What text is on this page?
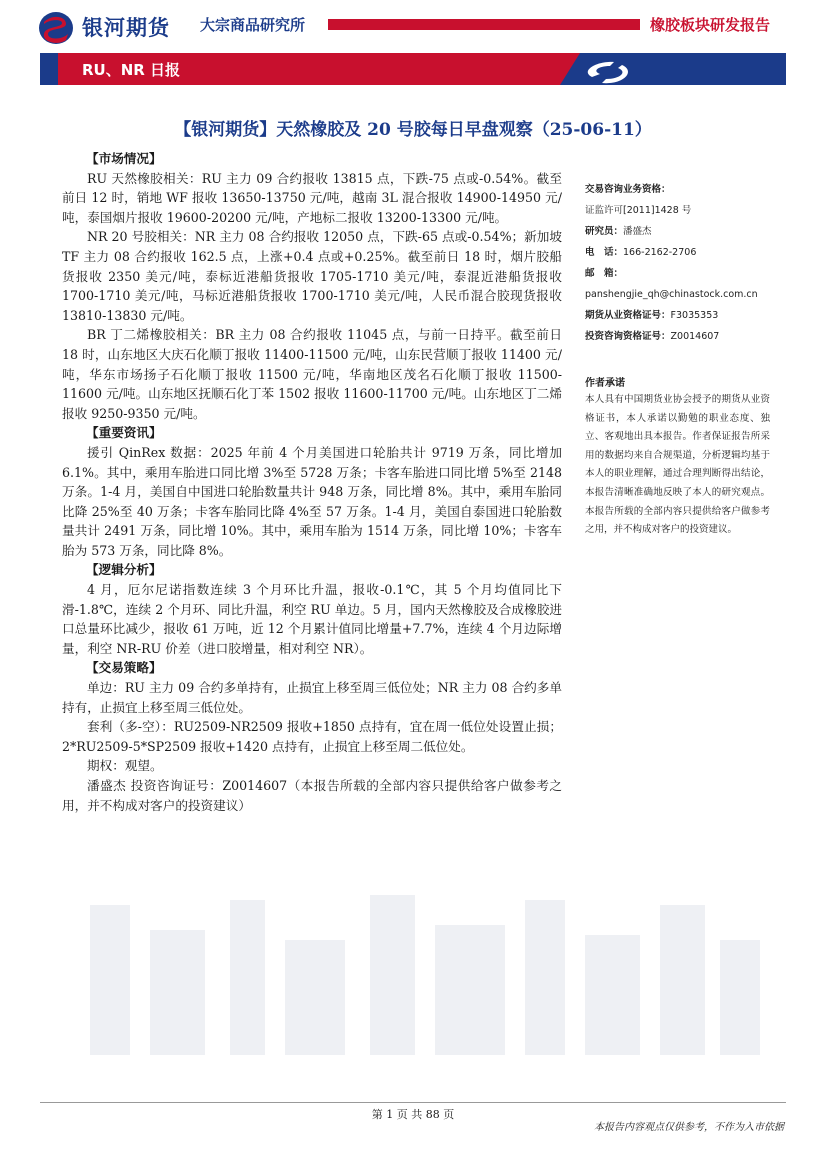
银河期货 大宗商品研究所	橡胶板块研发报告
RU、NR 日报
【银河期货】天然橡胶及 20 号胶每日早盘观察（25-06-11）

【市场情况】

RU 天然橡胶相关：RU 主力 09 合约报收 13815 点，下跌-75 点或-0.54%。截至前日 12 时，销地 WF 报收 13650-13750 元/吨，越南 3L 混合报收 14900-14950 元/吨，泰国烟片报收 19600-20200 元/吨，产地标二报收 13200-13300 元/吨。

NR 20 号胶相关：NR 主力 08 合约报收 12050 点，下跌-65 点或-0.54%；新加坡 TF 主力 08 合约报收 162.5 点，上涨+0.4 点或+0.25%。截至前日 18 时，烟片胶船货报收 2350 美元/吨，泰标近港船货报收 1705-1710 美元/吨，泰混近港船货报收 1700-1710 美元/吨，马标近港船货报收 1700-1710 美元/吨，人民币混合胶现货报收 13810-13830 元/吨。

BR 丁二烯橡胶相关：BR 主力 08 合约报收 11045 点，与前一日持平。截至前日 18 时，山东地区大庆石化顺丁报收 11400-11500 元/吨，山东民营顺丁报收 11400 元/吨，华东市场扬子石化顺丁报收 11500 元/吨，华南地区茂名石化顺丁报收 11500-11600 元/吨。山东地区抚顺石化丁苯 1502 报收 11600-11700 元/吨。山东地区丁二烯报收 9250-9350 元/吨。

【重要资讯】

援引 QinRex 数据：2025 年前 4 个月美国进口轮胎共计 9719 万条，同比增加 6.1%。其中，乘用车胎进口同比增 3%至 5728 万条；卡客车胎进口同比增 5%至 2148 万条。1-4 月，美国自中国进口轮胎数量共计 948 万条，同比增 8%。其中，乘用车胎同比降 25%至 40 万条；卡客车胎同比降 4%至 57 万条。1-4 月，美国自泰国进口轮胎数量共计 2491 万条，同比增 10%。其中，乘用车胎为 1514 万条，同比增 10%；卡客车胎为 573 万条，同比降 8%。

【逻辑分析】

4 月，厄尔尼诺指数连续 3 个月环比升温，报收-0.1℃，其 5 个月均值同比下滑-1.8℃，连续 2 个月环、同比升温，利空 RU 单边。5 月，国内天然橡胶及合成橡胶进口总量环比减少，报收 61 万吨，近 12 个月累计值同比增量+7.7%，连续 4 个月边际增量，利空 NR-RU 价差（进口胶增量，相对利空 NR）。

【交易策略】

单边：RU 主力 09 合约多单持有，止损宜上移至周三低位处；NR 主力 08 合约多单持有，止损宜上移至周三低位处。

套利（多-空）：RU2509-NR2509 报收+1850 点持有，宜在周一低位处设置止损；2*RU2509-5*SP2509 报收+1420 点持有，止损宜上移至周二低位处。

期权：观望。

潘盛杰 投资咨询证号：Z0014607（本报告所载的全部内容只提供给客户做参考之用，并不构成对客户的投资建议）

交易咨询业务资格：
证监许可[2011]1428 号
研究员：潘盛杰
电　话：166-2162-2706
邮　箱：
panshengjie_qh@chinastock.com.cn
期货从业资格证号：F3035353
投资咨询资格证号：Z0014607
作者承诺
本人具有中国期货业协会授予的期货从业资格证书，本人承诺以勤勉的职业态度、独立、客观地出具本报告。作者保证报告所采用的数据均来自合规渠道，分析逻辑均基于本人的职业理解，通过合理判断得出结论，本报告清晰准确地反映了本人的研究观点。本报告所载的全部内容只提供给客户做参考之用，并不构成对客户的投资建议。
第 1 页 共 88 页
本报告内容观点仅供参考，不作为入市依据
